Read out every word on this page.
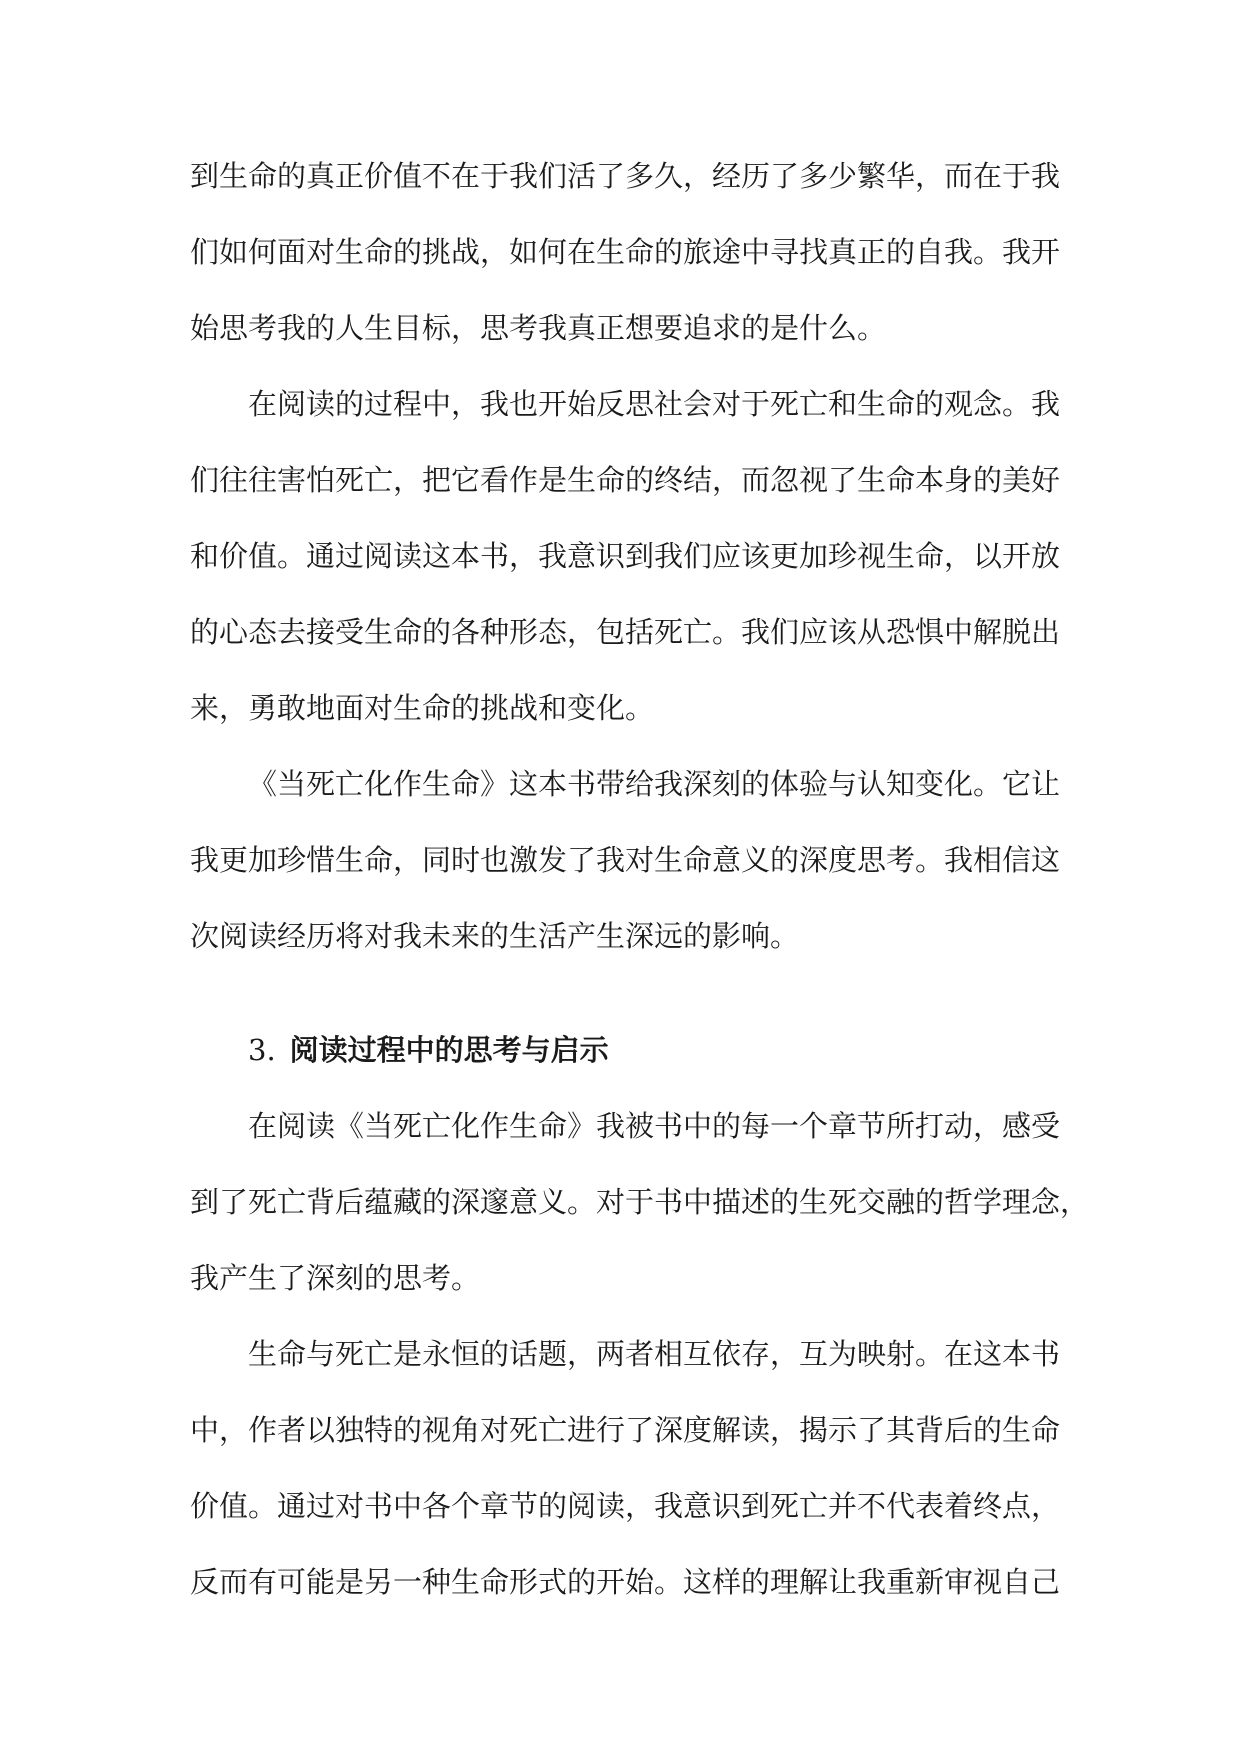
到生命的真正价值不在于我们活了多久，经历了多少繁华，而在于我
们如何面对生命的挑战，如何在生命的旅途中寻找真正的自我。我开
始思考我的人生目标，思考我真正想要追求的是什么。
在阅读的过程中，我也开始反思社会对于死亡和生命的观念。我
们往往害怕死亡，把它看作是生命的终结，而忽视了生命本身的美好
和价值。通过阅读这本书，我意识到我们应该更加珍视生命，以开放
的心态去接受生命的各种形态，包括死亡。我们应该从恐惧中解脱出
来，勇敢地面对生命的挑战和变化。
《当死亡化作生命》这本书带给我深刻的体验与认知变化。它让
我更加珍惜生命，同时也激发了我对生命意义的深度思考。我相信这
次阅读经历将对我未来的生活产生深远的影响。
3. 阅读过程中的思考与启示
在阅读《当死亡化作生命》我被书中的每一个章节所打动，感受
到了死亡背后蕴藏的深邃意义。对于书中描述的生死交融的哲学理念，
我产生了深刻的思考。
生命与死亡是永恒的话题，两者相互依存，互为映射。在这本书
中，作者以独特的视角对死亡进行了深度解读，揭示了其背后的生命
价值。通过对书中各个章节的阅读，我意识到死亡并不代表着终点，
反而有可能是另一种生命形式的开始。这样的理解让我重新审视自己
